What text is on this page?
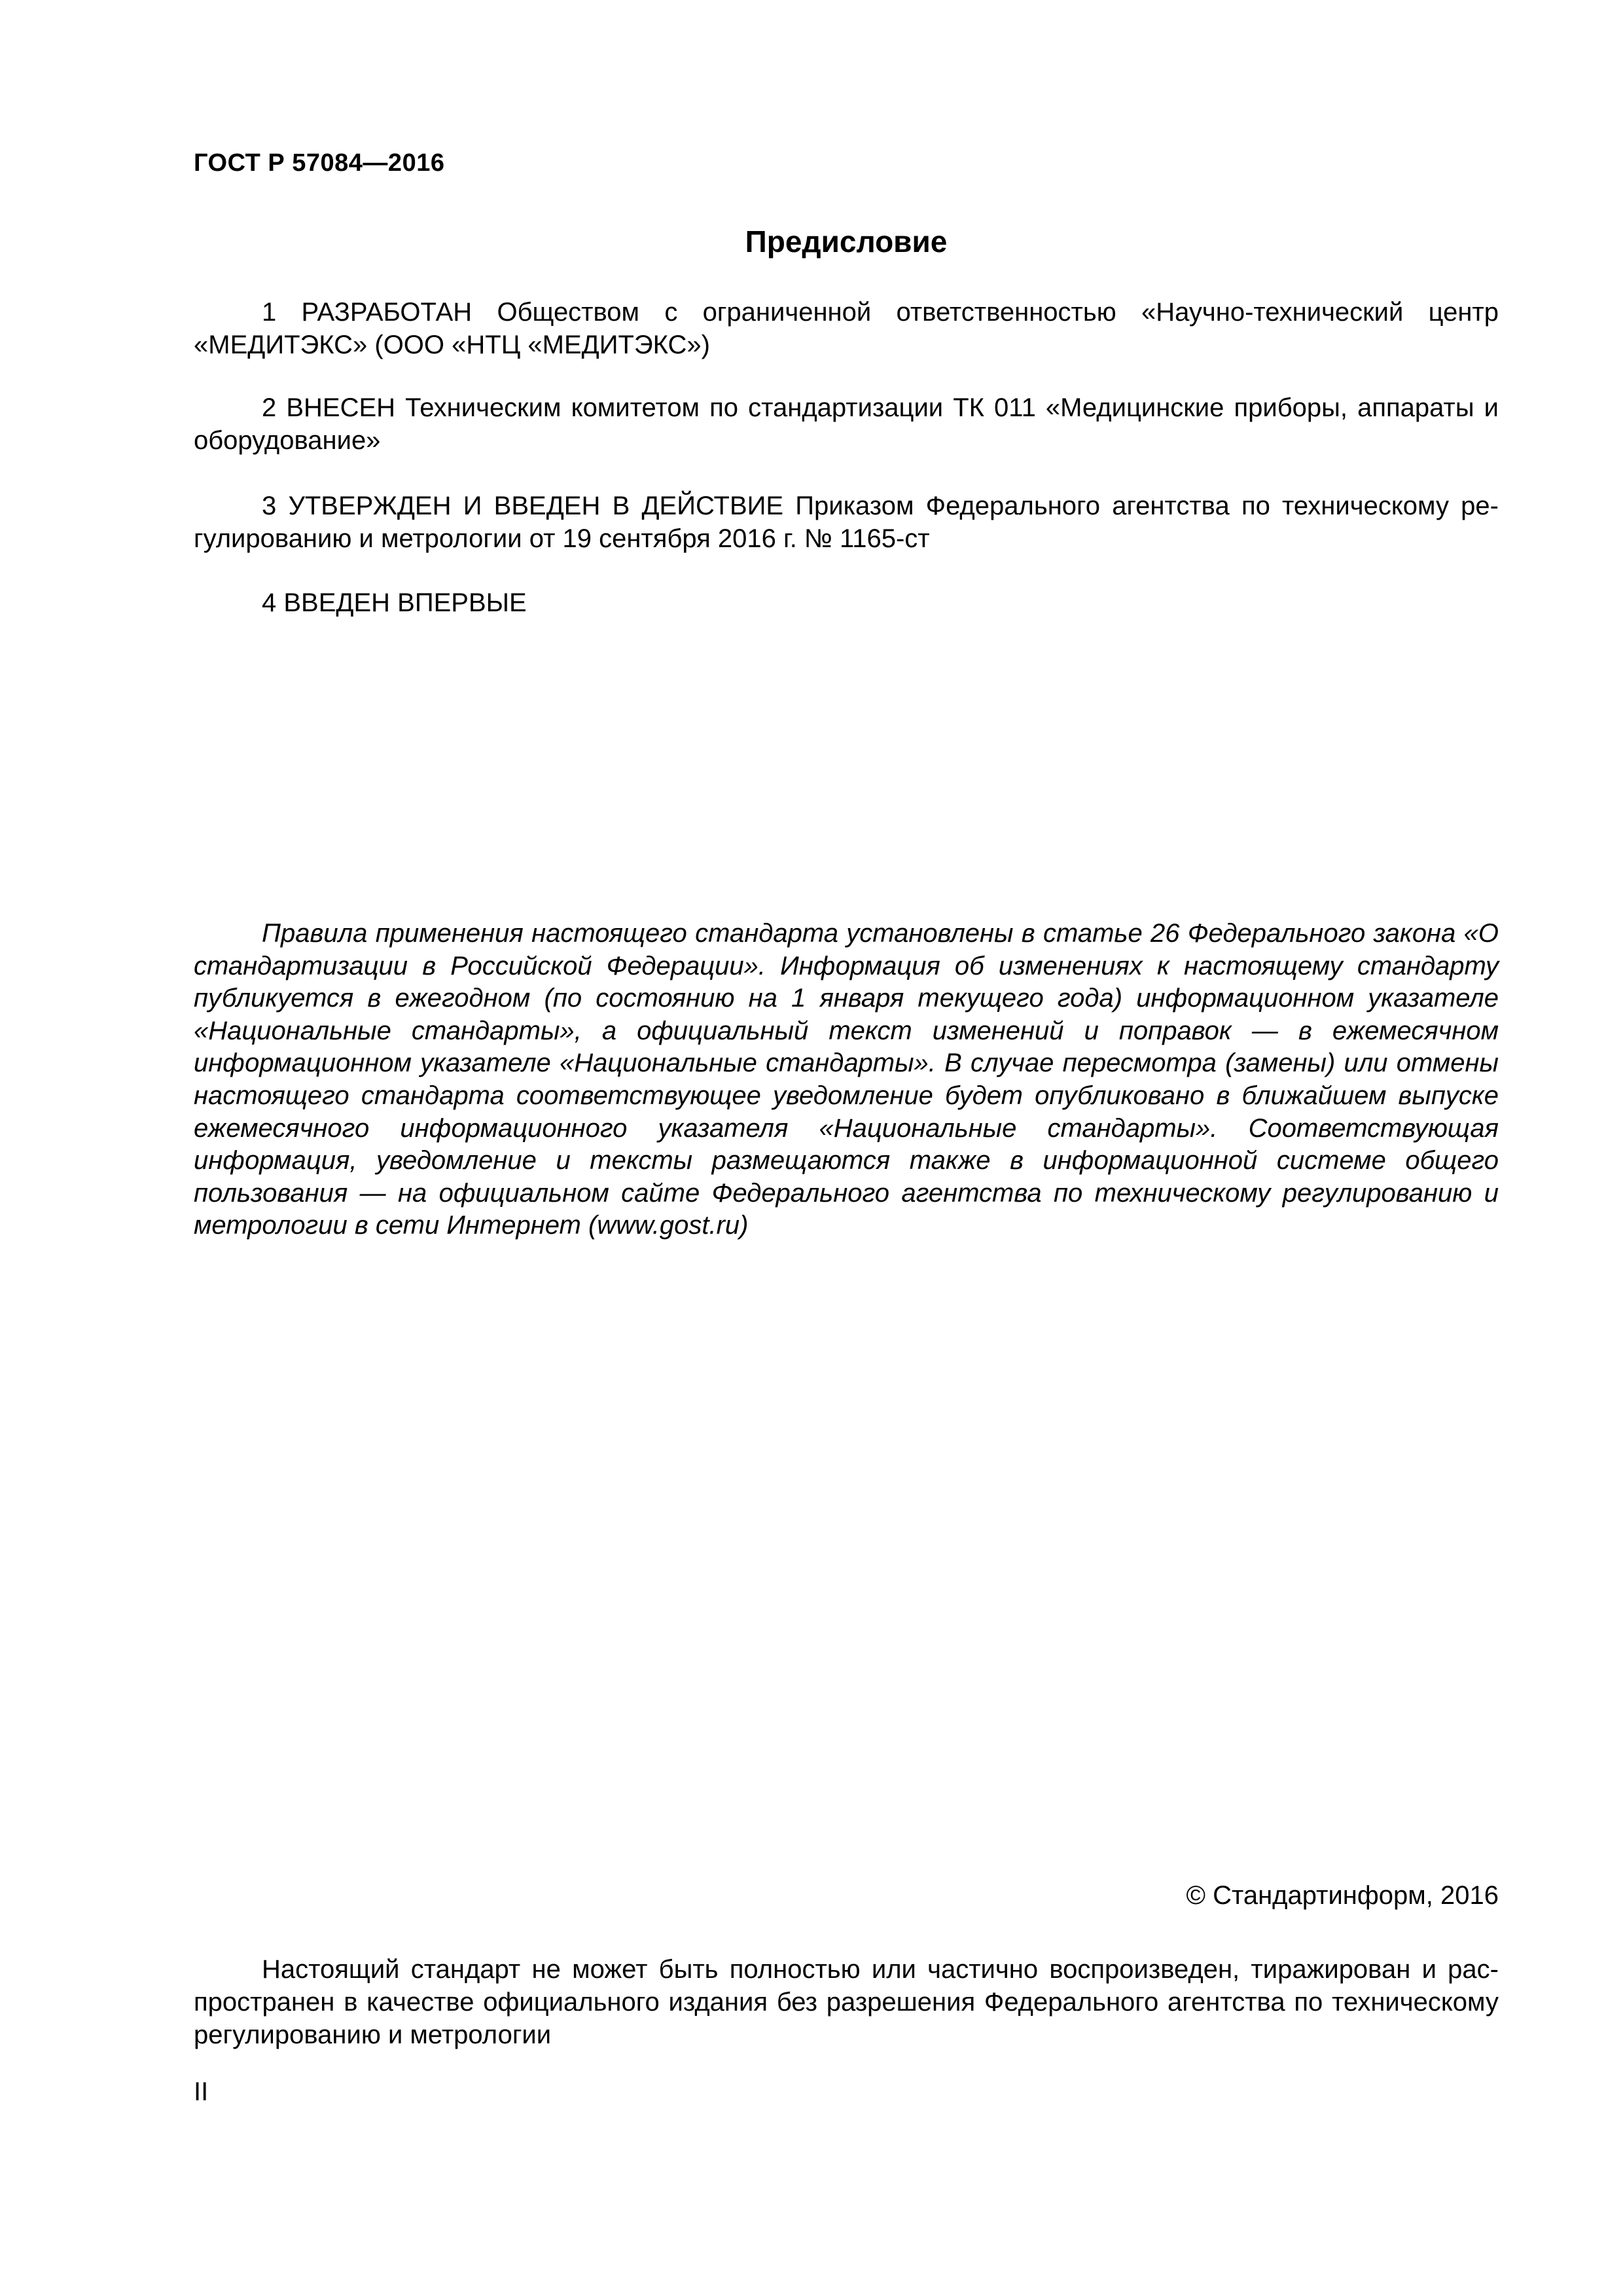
ГОСТ Р 57084—2016
Предисловие

1 РАЗРАБОТАН Обществом с ограниченной ответственностью «Научно-технический центр «МЕДИТЭКС» (ООО «НТЦ «МЕДИТЭКС»)

2 ВНЕСЕН Техническим комитетом по стандартизации ТК 011 «Медицинские приборы, аппараты и оборудование»

3 УТВЕРЖДЕН И ВВЕДЕН В ДЕЙСТВИЕ Приказом Федерального агентства по техническому регулированию и метрологии от 19 сентября 2016 г. № 1165-ст

4 ВВЕДЕН ВПЕРВЫЕ

Правила применения настоящего стандарта установлены в статье 26 Федерального закона «О стандартизации в Российской Федерации». Информация об изменениях к настоящему стандарту публикуется в ежегодном (по состоянию на 1 января текущего года) информационном указателе «Национальные стандарты», а официальный текст изменений и поправок — в ежемесячном информационном указателе «Национальные стандарты». В случае пересмотра (замены) или отмены настоящего стандарта соответствующее уведомление будет опубликовано в ближайшем выпуске ежемесячного информационного указателя «Национальные стандарты». Соответствующая информация, уведомление и тексты размещаются также в информационной системе общего пользования — на официальном сайте Федерального агентства по техническому регулированию и метрологии в сети Интернет (www.gost.ru)

© Стандартинформ, 2016

Настоящий стандарт не может быть полностью или частично воспроизведен, тиражирован и распространен в качестве официального издания без разрешения Федерального агентства по техническому регулированию и метрологии

II
